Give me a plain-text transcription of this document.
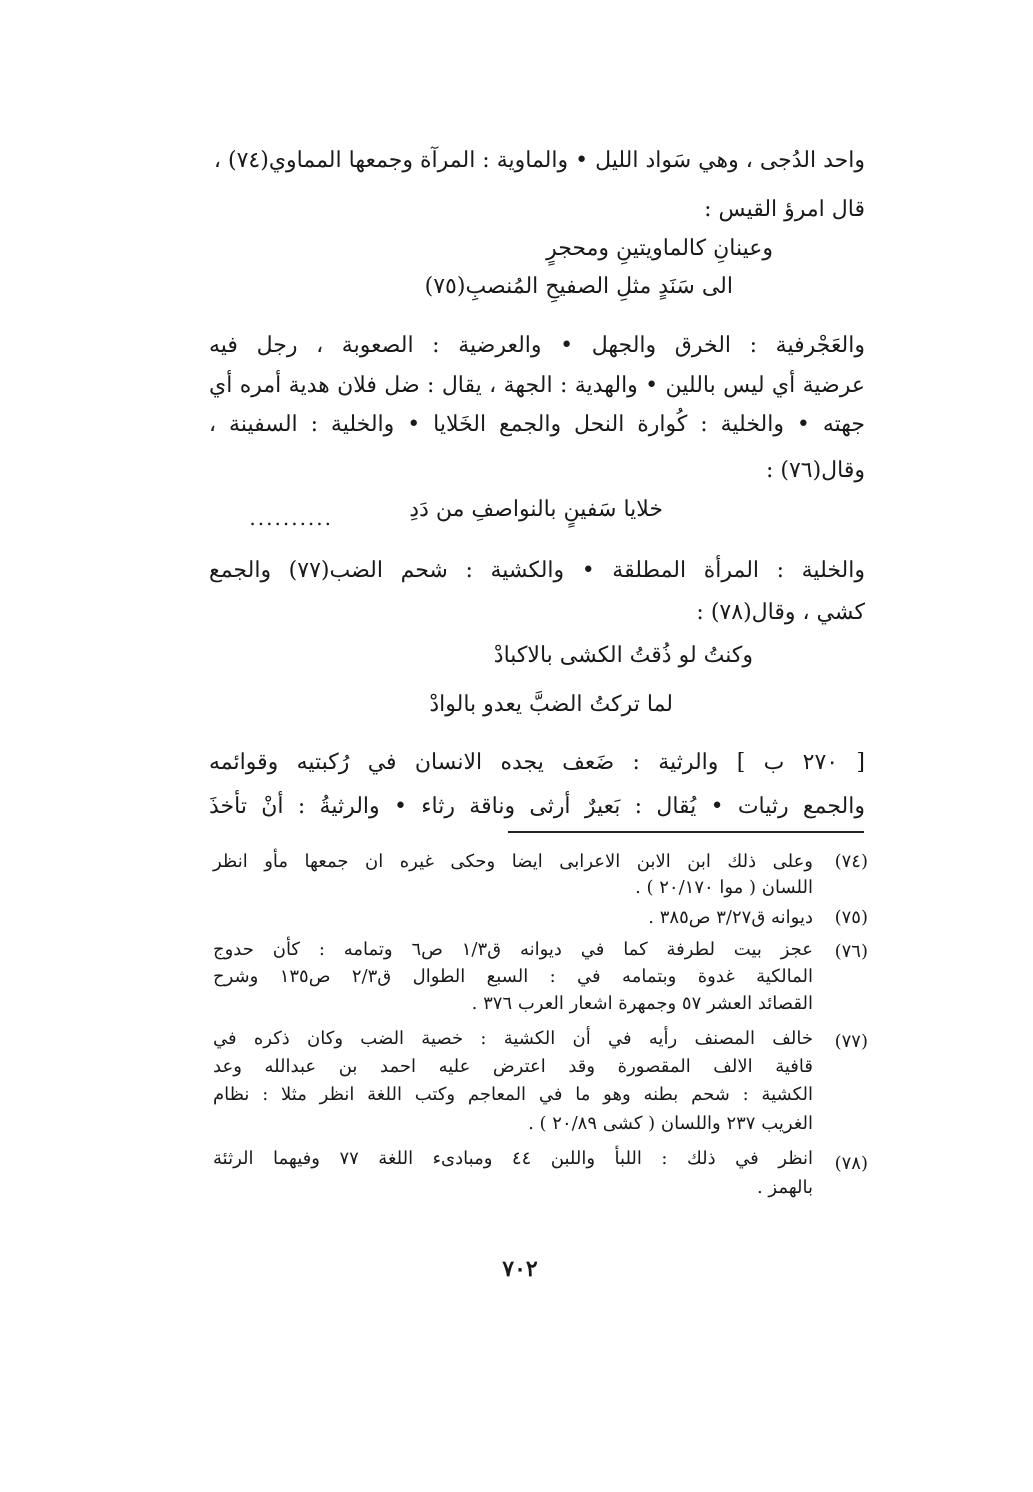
واحد الدُجى ، وهي سَواد الليل • والماوية : المرآة وجمعها المماوي(٧٤) ،

قال امرؤ القيس :

وعينانِ كالماويتينِ ومحجرٍ

الى سَنَدٍ مثلِ الصفيحِ المُنصبِ(٧٥)

والعَجْرفية : الخرق والجهل • والعرضية : الصعوبة ، رجل فيه

عرضية أي ليس باللين • والهدية : الجهة ، يقال : ضل فلان هدية أمره أي

جهته • والخلية : كُوارة النحل والجمع الخَلايا • والخلية : السفينة ،

وقال(٧٦) :

..........	خلايا سَفينٍ بالنواصفِ من دَدِ

والخلية : المرأة المطلقة • والكشية : شحم الضب(٧٧) والجمع

كشي ، وقال(٧٨) :

وكنتُ لو ذُقتُ الكشى بالاكبادْ

لما تركتُ الضبَّ يعدو بالوادْ

[ ٢٧٠ ب ] والرثية : ضَعف يجده الانسان في رُكبتيه وقوائمه

والجمع رثيات • يُقال : بَعيرٌ أرثى وناقة رثاء • والرثيةُ : أنْ تأخذَ

(٧٤)
وعلى ذلك ابن الابن الاعرابى ايضا وحكى غيره ان جمعها مأو انظر
اللسان ( موا ٢٠/١٧٠ ) .
(٧٥)
ديوانه ق٣/٢٧ ص٣٨٥ .
(٧٦)
عجز بيت لطرفة كما في ديوانه ق١/٣ ص٦ وتمامه : كأن حدوج
المالكية غدوة وبتمامه في : السبع الطوال ق٢/٣ ص١٣٥ وشرح
القصائد العشر ٥٧ وجمهرة اشعار العرب ٣٧٦ .
(٧٧)
خالف المصنف رأيه في أن الكشية : خصية الضب وكان ذكره في
قافية الالف المقصورة وقد اعترض عليه احمد بن عبدالله وعد
الكشية : شحم بطنه وهو ما في المعاجم وكتب اللغة انظر مثلا : نظام
الغريب ٢٣٧ واللسان ( كشى ٢٠/٨٩ ) .
(٧٨)
انظر في ذلك : اللبأ واللبن ٤٤ ومبادىء اللغة ٧٧ وفيهما الرثئة
بالهمز .
٧٠٢
